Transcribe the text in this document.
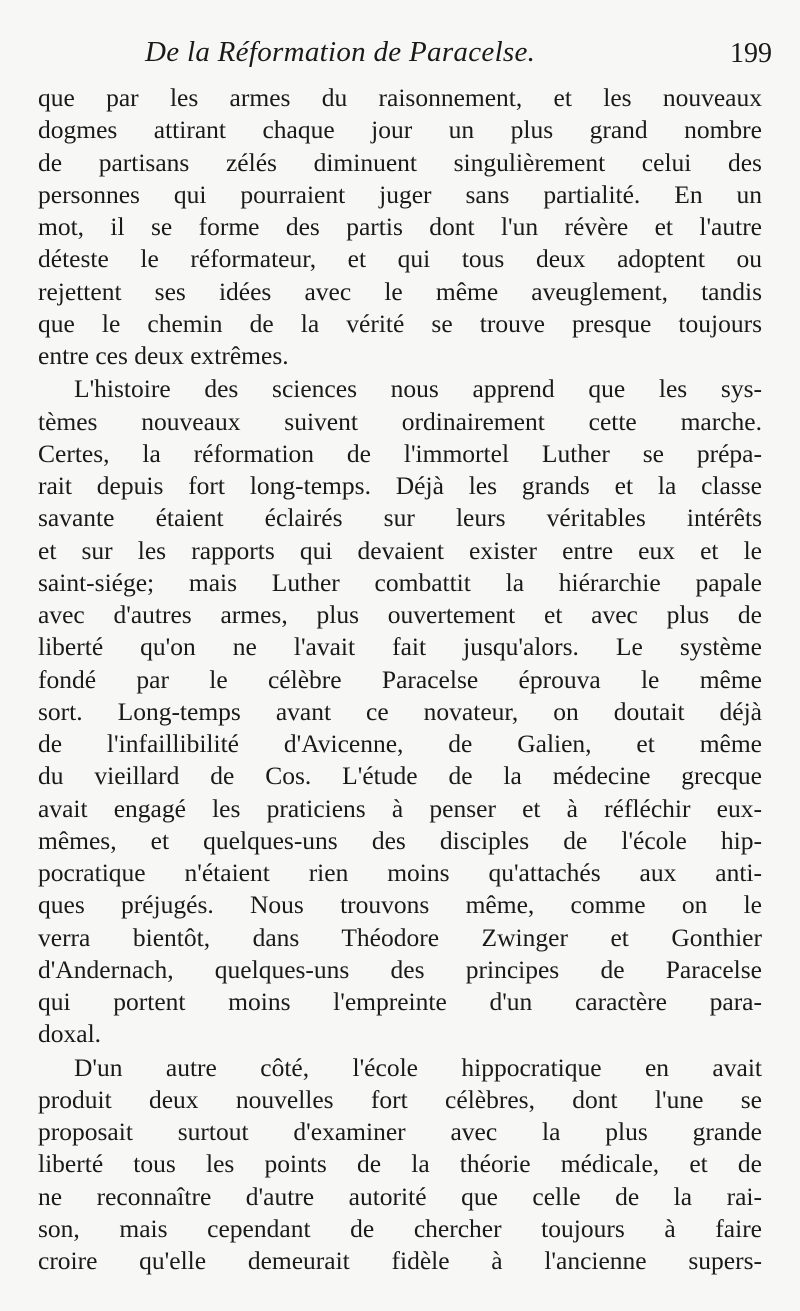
De la Réformation de Paracelse.	199
que par les armes du raisonnement, et les nouveaux
dogmes attirant chaque jour un plus grand nombre
de partisans zélés diminuent singulièrement celui des
personnes qui pourraient juger sans partialité. En un
mot, il se forme des partis dont l'un révère et l'autre
déteste le réformateur, et qui tous deux adoptent ou
rejettent ses idées avec le même aveuglement, tandis
que le chemin de la vérité se trouve presque toujours
entre ces deux extrêmes.
L'histoire des sciences nous apprend que les sys-
tèmes nouveaux suivent ordinairement cette marche.
Certes, la réformation de l'immortel Luther se prépa-
rait depuis fort long-temps. Déjà les grands et la classe
savante étaient éclairés sur leurs véritables intérêts
et sur les rapports qui devaient exister entre eux et le
saint-siége; mais Luther combattit la hiérarchie papale
avec d'autres armes, plus ouvertement et avec plus de
liberté qu'on ne l'avait fait jusqu'alors. Le système
fondé par le célèbre Paracelse éprouva le même
sort. Long-temps avant ce novateur, on doutait déjà
de l'infaillibilité d'Avicenne, de Galien, et même
du vieillard de Cos. L'étude de la médecine grecque
avait engagé les praticiens à penser et à réfléchir eux-
mêmes, et quelques-uns des disciples de l'école hip-
pocratique n'étaient rien moins qu'attachés aux anti-
ques préjugés. Nous trouvons même, comme on le
verra bientôt, dans Théodore Zwinger et Gonthier
d'Andernach, quelques-uns des principes de Paracelse
qui portent moins l'empreinte d'un caractère para-
doxal.
D'un autre côté, l'école hippocratique en avait
produit deux nouvelles fort célèbres, dont l'une se
proposait surtout d'examiner avec la plus grande
liberté tous les points de la théorie médicale, et de
ne reconnaître d'autre autorité que celle de la rai-
son, mais cependant de chercher toujours à faire
croire qu'elle demeurait fidèle à l'ancienne supers-
